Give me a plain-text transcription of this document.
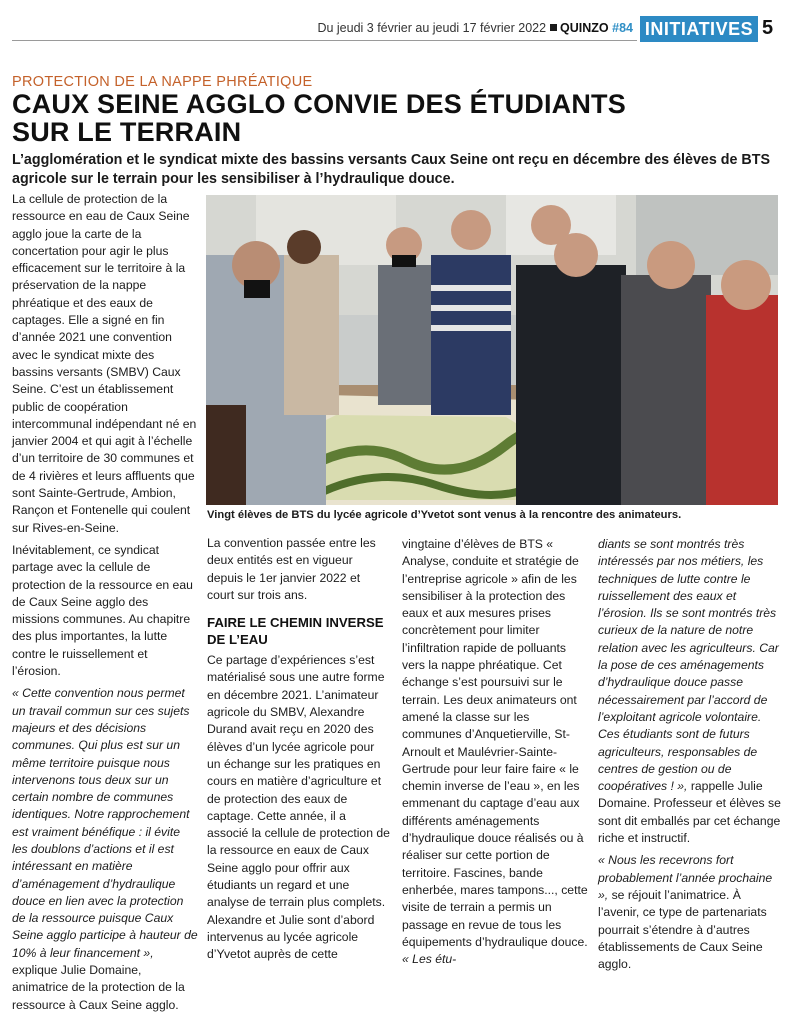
Du jeudi 3 février au jeudi 17 février 2022 QUINZO #84 INITIATIVES 5
PROTECTION DE LA NAPPE PHRÉATIQUE
CAUX SEINE AGGLO CONVIE DES ÉTUDIANTS
SUR LE TERRAIN
L’agglomération et le syndicat mixte des bassins versants Caux Seine ont reçu en décembre des élèves de BTS agricole sur le terrain pour les sensibiliser à l’hydraulique douce.

La cellule de protection de la ressource en eau de Caux Seine agglo joue la carte de la concertation pour agir le plus efficacement sur le territoire à la préservation de la nappe phréatique et des eaux de captages. Elle a signé en fin d’année 2021 une convention avec le syndicat mixte des bassins versants (SMBV) Caux Seine. C’est un établissement public de coopération intercommunal indépendant né en janvier 2004 et qui agit à l’échelle d’un territoire de 30 communes et de 4 rivières et leurs affluents que sont Sainte-Gertrude, Ambion, Rançon et Fontenelle qui coulent sur Rives-en-Seine.

Inévitablement, ce syndicat partage avec la cellule de protection de la ressource en eau de Caux Seine agglo des missions communes. Au chapitre des plus importantes, la lutte contre le ruissellement et l’érosion.

« Cette convention nous permet un travail commun sur ces sujets majeurs et des décisions communes. Qui plus est sur un même territoire puisque nous intervenons tous deux sur un certain nombre de communes identiques. Notre rapprochement est vraiment bénéfique : il évite les doublons d’actions et il est intéressant en matière d’aménagement d’hydraulique douce en lien avec la protection de la ressource puisque Caux Seine agglo participe à hauteur de 10% à leur financement », explique Julie Domaine, animatrice de la protection de la ressource à Caux Seine agglo.

Vingt élèves de BTS du lycée agricole d’Yvetot sont venus à la rencontre des animateurs.

La convention passée entre les deux entités est en vigueur depuis le 1er janvier 2022 et court sur trois ans.

FAIRE LE CHEMIN INVERSE DE L’EAU

Ce partage d’expériences s’est matérialisé sous une autre forme en décembre 2021. L’animateur agricole du SMBV, Alexandre Durand avait reçu en 2020 des élèves d’un lycée agricole pour un échange sur les pratiques en cours en matière d’agriculture et de protection des eaux de captage. Cette année, il a associé la cellule de protection de la ressource en eaux de Caux Seine agglo pour offrir aux étudiants un regard et une analyse de terrain plus complets. Alexandre et Julie sont d’abord intervenus au lycée agricole d’Yvetot auprès de cette

vingtaine d’élèves de BTS « Analyse, conduite et stratégie de l’entreprise agricole » afin de les sensibiliser à la protection des eaux et aux mesures prises concrètement pour limiter l’infiltration rapide de polluants vers la nappe phréatique. Cet échange s’est poursuivi sur le terrain. Les deux animateurs ont amené la classe sur les communes d’Anquetierville, St-Arnoult et Maulévrier-Sainte-Gertrude pour leur faire faire « le chemin inverse de l’eau », en les emmenant du captage d’eau aux différents aménagements d’hydraulique douce réalisés ou à réaliser sur cette portion de territoire. Fascines, bande enherbée, mares tampons..., cette visite de terrain a permis un passage en revue de tous les équipements d’hydraulique douce. « Les étu-

diants se sont montrés très intéressés par nos métiers, les techniques de lutte contre le ruissellement des eaux et l’érosion. Ils se sont montrés très curieux de la nature de notre relation avec les agriculteurs. Car la pose de ces aménagements d’hydraulique douce passe nécessairement par l’accord de l’exploitant agricole volontaire. Ces étudiants sont de futurs agriculteurs, responsables de centres de gestion ou de coopératives ! », rappelle Julie Domaine. Professeur et élèves se sont dit emballés par cet échange riche et instructif.

« Nous les recevrons fort probablement l’année prochaine », se réjouit l’animatrice. À l’avenir, ce type de partenariats pourrait s’étendre à d’autres établissements de Caux Seine agglo.
